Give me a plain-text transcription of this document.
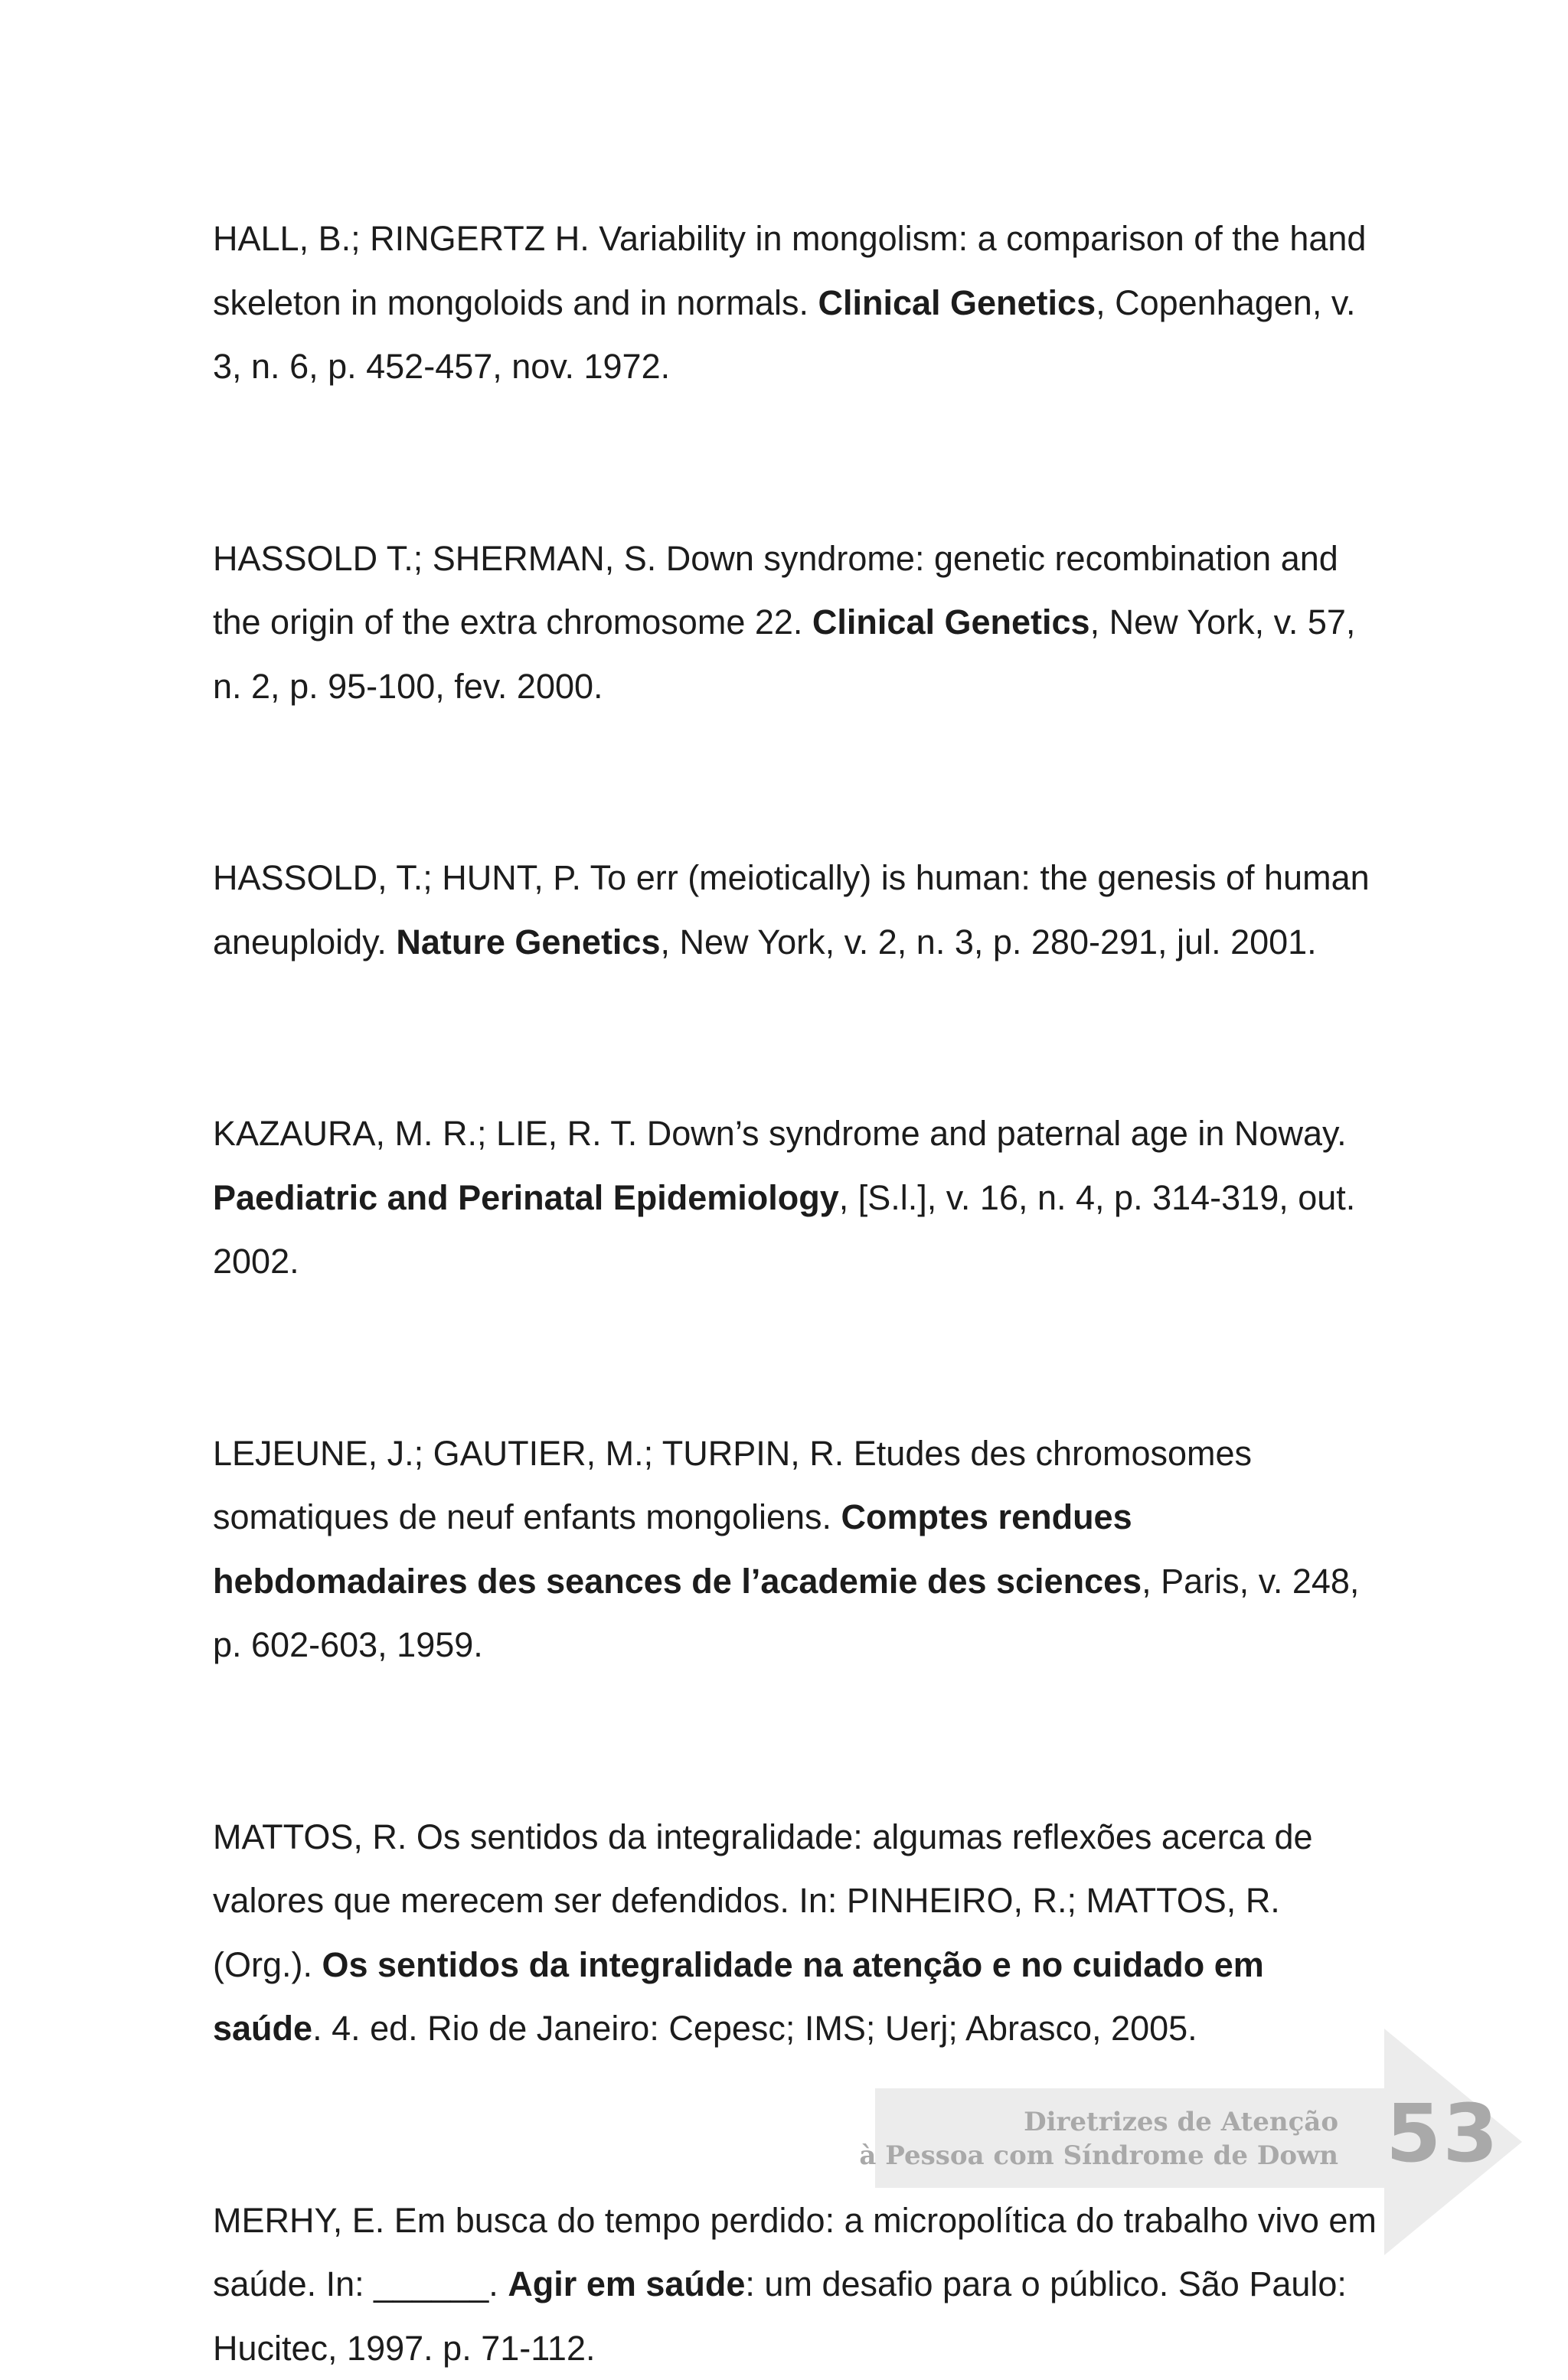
HALL, B.; RINGERTZ H. Variability in mongolism: a comparison of the hand skeleton in mongoloids and in normals. Clinical Genetics, Copenhagen, v. 3, n. 6, p. 452-457, nov. 1972.
HASSOLD T.; SHERMAN, S. Down syndrome: genetic recombination and the origin of the extra chromosome 22. Clinical Genetics, New York, v. 57, n. 2, p. 95-100, fev. 2000.
HASSOLD, T.; HUNT, P. To err (meiotically) is human: the genesis of human aneuploidy. Nature Genetics, New York, v. 2, n. 3, p. 280-291, jul. 2001.
KAZAURA, M. R.; LIE, R. T. Down’s syndrome and paternal age in Noway. Paediatric and Perinatal Epidemiology, [S.l.], v. 16, n. 4, p. 314-319, out. 2002.
LEJEUNE, J.; GAUTIER, M.; TURPIN, R. Etudes des chromosomes somatiques de neuf enfants mongoliens. Comptes rendues hebdomadaires des seances de l’academie des sciences, Paris, v. 248, p. 602-603, 1959.
MATTOS, R. Os sentidos da integralidade: algumas reflexões acerca de valores que merecem ser defendidos. In: PINHEIRO, R.; MATTOS, R. (Org.). Os sentidos da integralidade na atenção e no cuidado em saúde. 4. ed. Rio de Janeiro: Cepesc; IMS; Uerj; Abrasco, 2005.
MERHY, E. Em busca do tempo perdido: a micropolítica do trabalho vivo em saúde. In: ______. Agir em saúde: um desafio para o público. São Paulo: Hucitec, 1997. p. 71-112.
Diretrizes de Atenção
à Pessoa com Síndrome de Down 53
